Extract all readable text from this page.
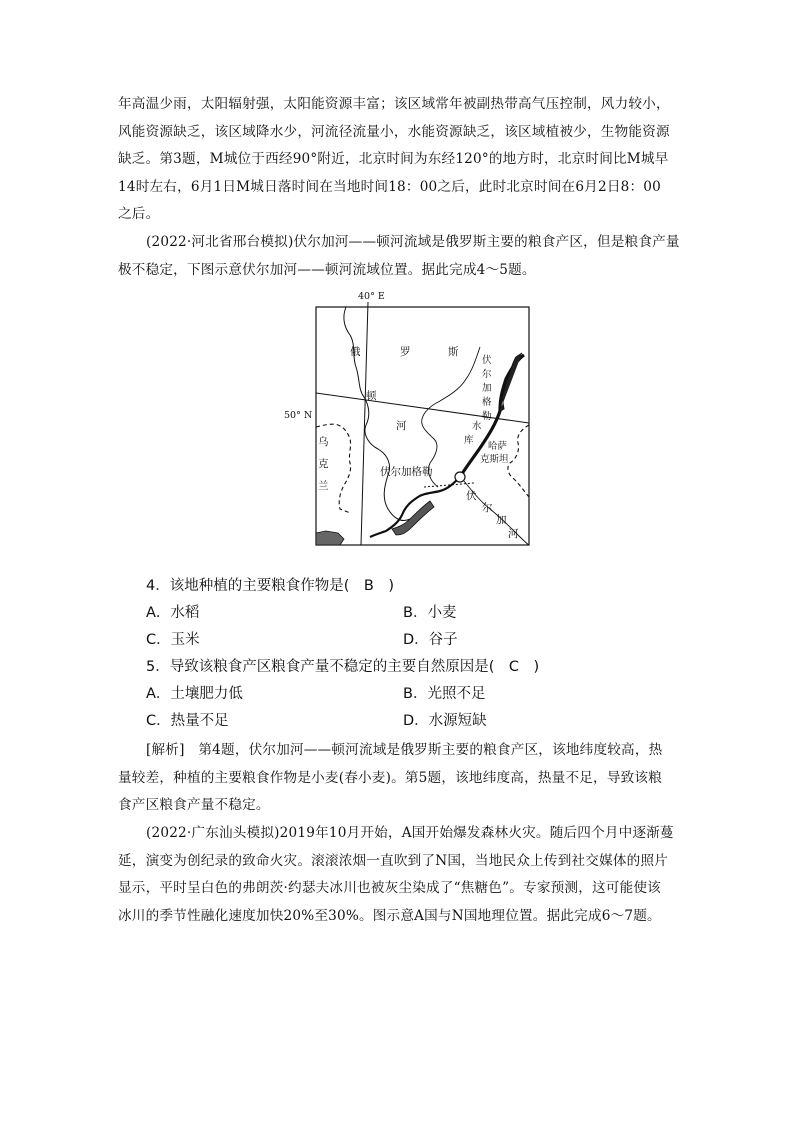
年高温少雨，太阳辐射强，太阳能资源丰富；该区域常年被副热带高气压控制，风力较小，
风能资源缺乏，该区域降水少，河流径流量小，水能资源缺乏，该区域植被少，生物能资源
缺乏。第3题，M城位于西经90°附近，北京时间为东经120°的地方时，北京时间比M城早
14时左右，6月1日M城日落时间在当地时间18：00之后，此时北京时间在6月2日8：00
之后。
(2022·河北省邢台模拟)伏尔加河——顿河流域是俄罗斯主要的粮食产区，但是粮食产量
极不稳定，下图示意伏尔加河——顿河流域位置。据此完成4～5题。
40° E
50° N
俄	罗	斯
顿
河
伏
尔
加
格
勒
水
库
哈萨
克斯坦
乌
克
兰
伏尔加格勒
伏
尔
加
河

4．该地种植的主要粮食作物是(　B　)

A．水稻	B．小麦

C．玉米	D．谷子

5．导致该粮食产区粮食产量不稳定的主要自然原因是(　C　)

A．土壤肥力低	B．光照不足

C．热量不足	D．水源短缺

[解析]　第4题，伏尔加河——顿河流域是俄罗斯主要的粮食产区，该地纬度较高，热
量较差，种植的主要粮食作物是小麦(春小麦)。第5题，该地纬度高，热量不足，导致该粮
食产区粮食产量不稳定。
(2022·广东汕头模拟)2019年10月开始，A国开始爆发森林火灾。随后四个月中逐渐蔓
延，演变为创纪录的致命火灾。滚滚浓烟一直吹到了N国，当地民众上传到社交媒体的照片
显示，平时呈白色的弗朗茨·约瑟夫冰川也被灰尘染成了“焦糖色”。专家预测，这可能使该
冰川的季节性融化速度加快20%至30%。图示意A国与N国地理位置。据此完成6～7题。
